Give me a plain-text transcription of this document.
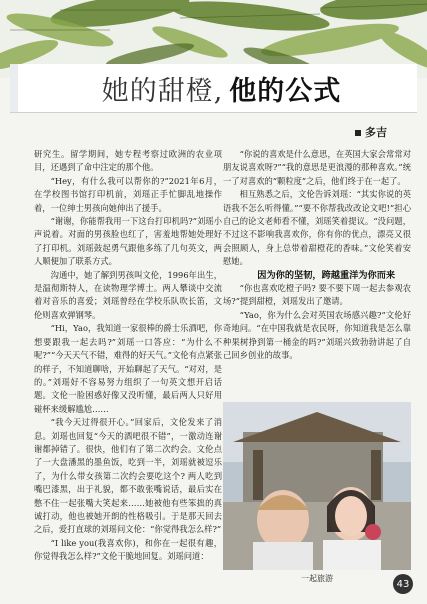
她的甜橙, 他的公式
多吉

研究生。留学期间，她专程考察过欧洲的农业项目，还遇到了命中注定的那个他。

“Hey，有什么我可以帮你的?”2021年6月，在学校图书馆打印机前，刘瑶正手忙脚乱地操作着，一位绅士男孩向她伸出了援手。

“谢谢，你能帮我用一下这台打印机吗?”刘瑶小声说着。对面的男孩脸也红了，害羞地帮她处理好了打印机。刘瑶鼓起勇气跟他多练了几句英文，两人顺便加了联系方式。

沟通中，她了解到男孩叫文伦，1996年出生，是温彻斯特人，在读物理学博士。两人攀谈中交流着对音乐的喜爱；刘瑶曾经在学校乐队吹长笛，文伦则喜欢弹钢琴。

“Hi，Yao，我知道一家很棒的爵士乐酒吧，你想要跟我一起去吗?”刘瑶一口答应：“为什么不呢?”“今天天气不错，难得的好天气。”文伦有点紧张的样子，不知道聊啥，开始聊起了天气。“对对，是的。”刘瑶好不容易努力组织了一句英文想开启话题。文伦一脸困惑好像又没听懂，最后两人只好用碰杯来缓解尴尬……

“我今天过得很开心。”回家后，文伦发来了消息。刘瑶也回复“今天的酒吧很不错”，一激动连谢谢都掉错了。很快，他们有了第二次约会。文伦点了一大盘潘黑的墨鱼饭，吃到一半，刘瑶就被逗乐了，为什么带女孩第二次约会要吃这个? 两人吃到嘴巴漆黑，出于礼貌，都不敢张嘴说话，最后实在憋不住一起张嘴大笑起来……她被他有些笨拙的真诚打动，他也被她开朗的性格吸引。于是那天回去之后，爱打直球的刘瑶问文伦：“你觉得我怎么样?”

“I like you(我喜欢你)，和你在一起很有趣，你觉得我怎么样?”文伦干脆地回复。刘瑶问道：

“你说的喜欢是什么意思，在英国大家会常常对朋友说喜欢呀?”“我的意思是更浪漫的那种喜欢。”统一了对喜欢的“颗粒度”之后，他们终于在一起了。

相互熟悉之后，文伦告诉刘瑶：“其实你说的英语我不怎么听得懂。”“要不你帮我改改论文吧!”担心自己的论文老师看不懂，刘瑶笑着提议。“没问题，不过这不影响我喜欢你，你有你的优点，漂亮又很会照顾人，身上总带着甜橙花的香味。”文伦笑着安慰她。

因为你的坚韧，跨越重洋为你而来

“你也喜欢吃橙子吗? 要不要下周一起去参观农场?”提到甜橙，刘瑶发出了邀请。

“Yao，你为什么会对英国农场感兴趣?”文伦好奇地问。“在中国我就是农民呀，你知道我是怎么靠种果树挣到第一桶金的吗?”刘瑶兴致勃勃讲起了自己回乡创业的故事。

一起旅游	43
